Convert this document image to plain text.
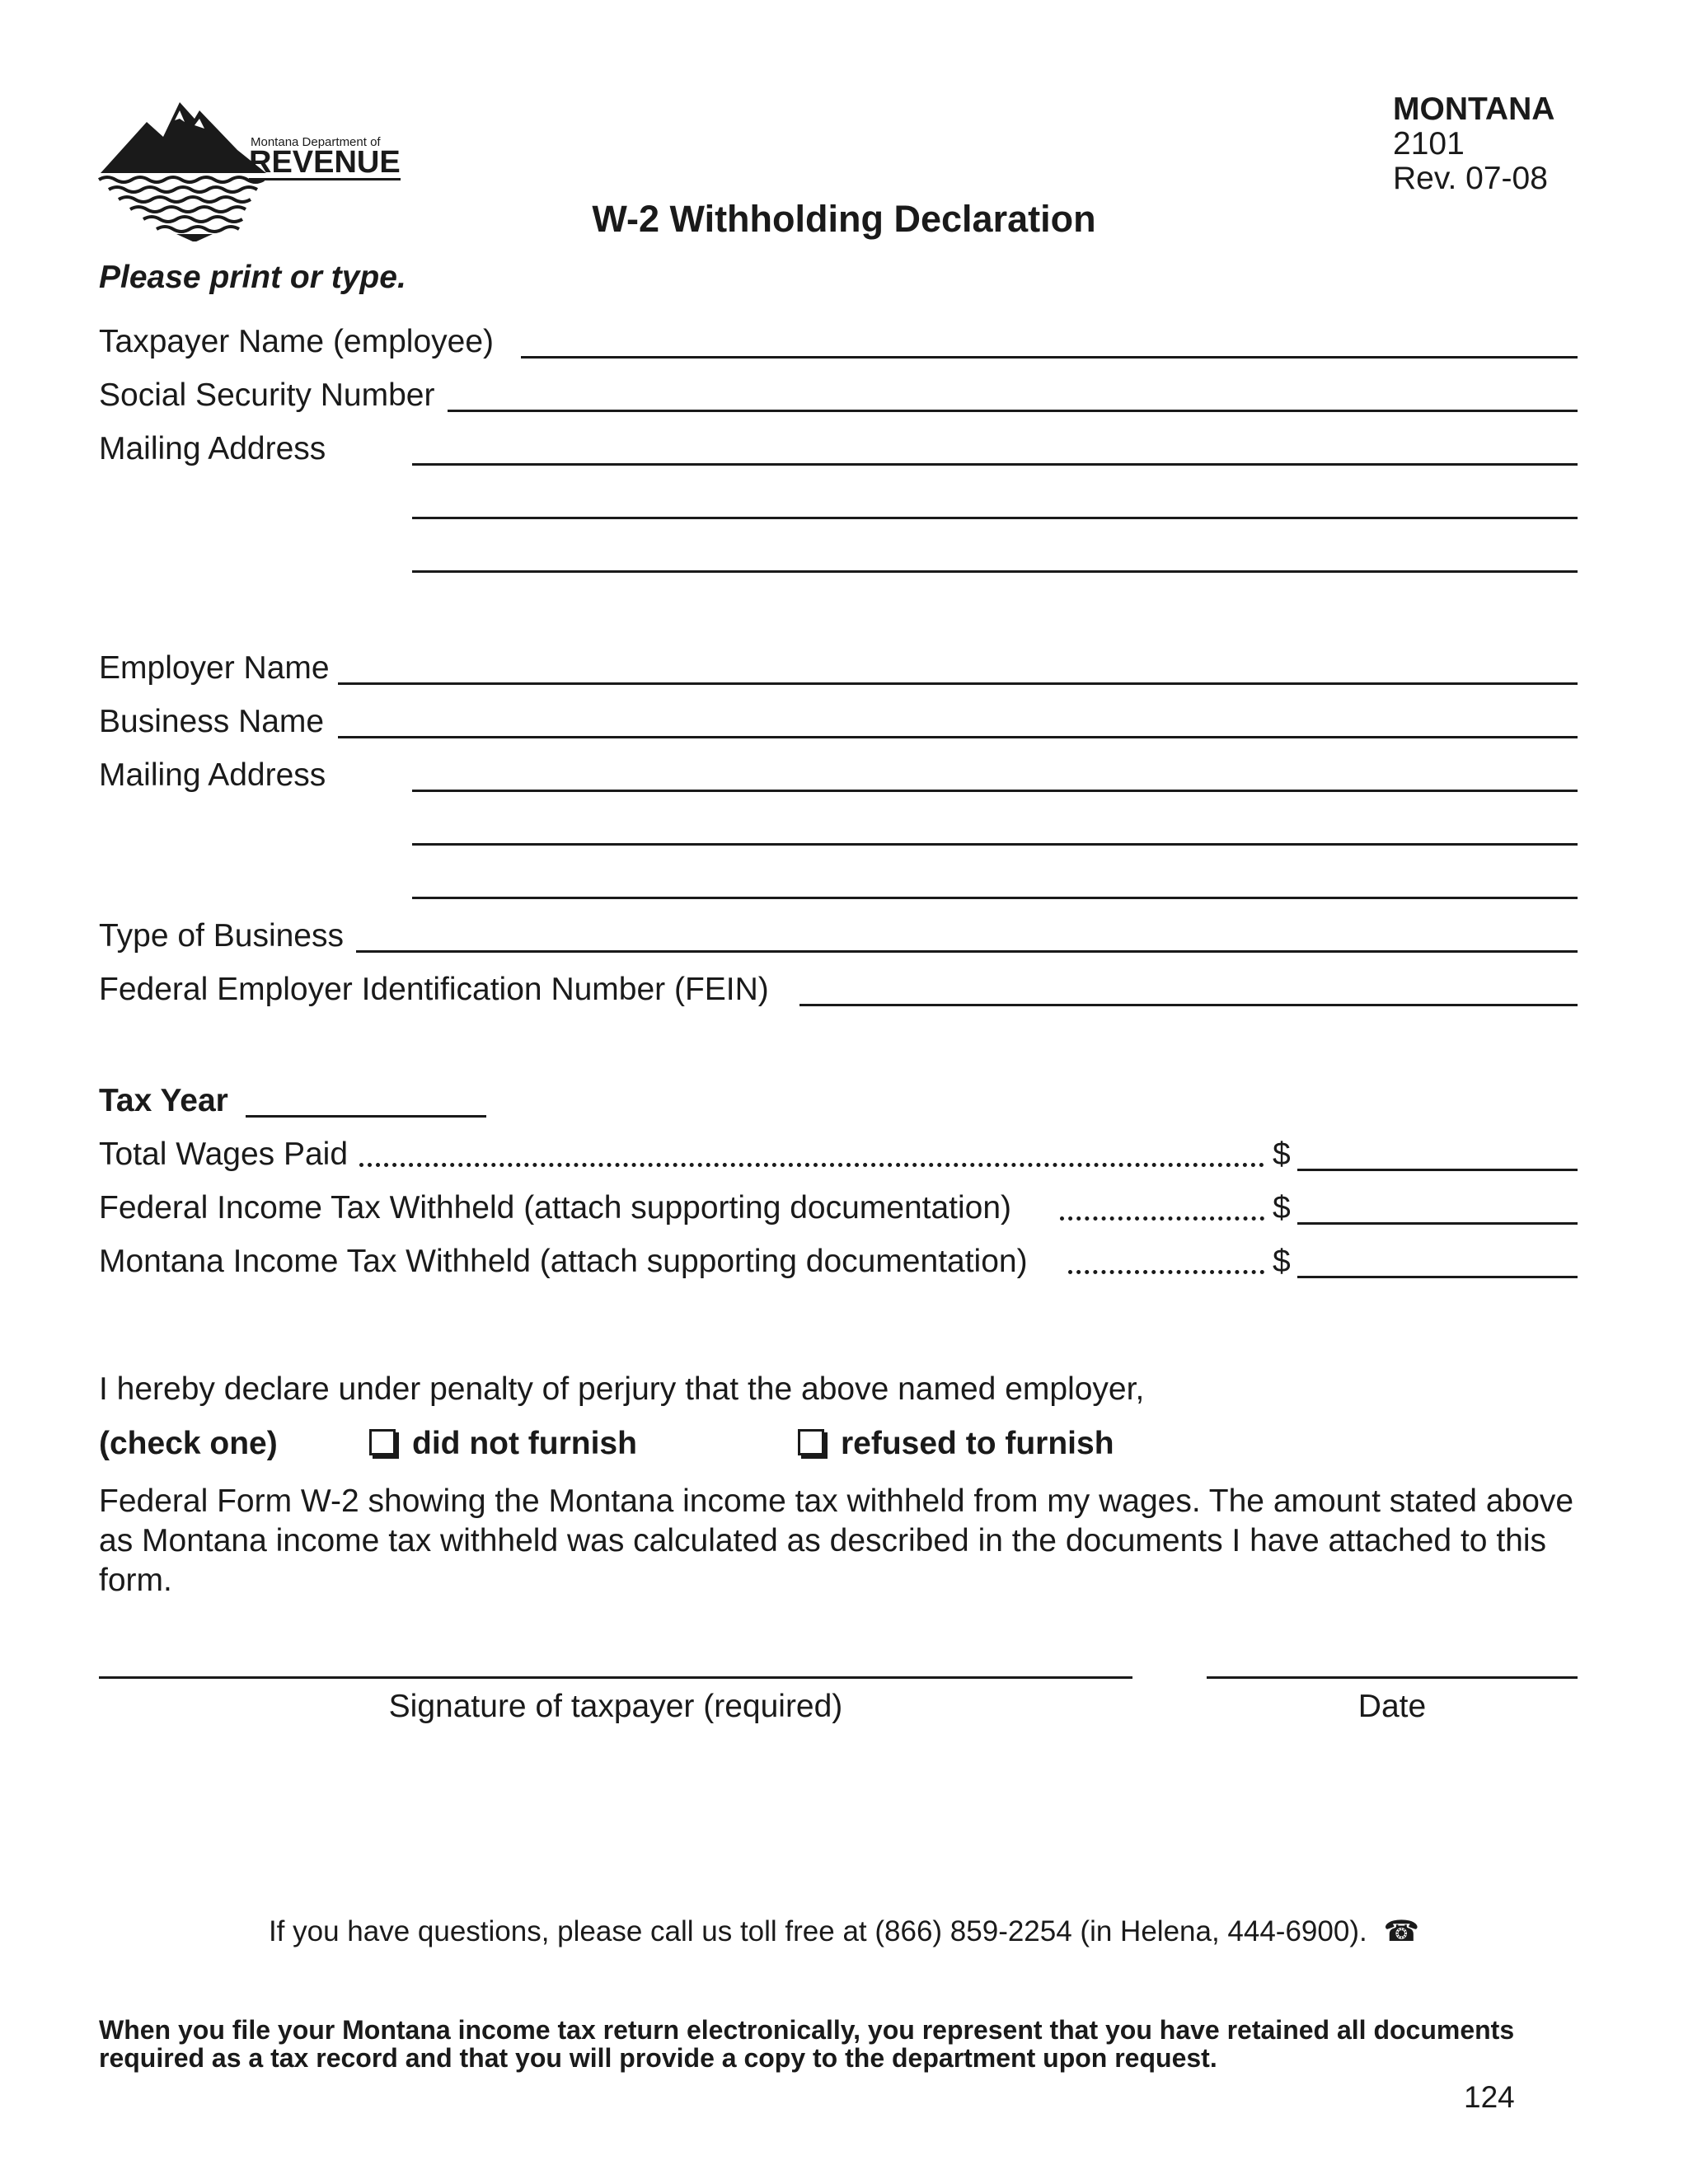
Montana Department of
REVENUE
MONTANA
2101
Rev. 07-08
W-2 Withholding Declaration
Please print or type.
Taxpayer Name (employee)
Social Security Number
Mailing Address
Employer Name
Business Name
Mailing Address
Type of Business
Federal Employer Identification Number (FEIN)
Tax Year
Total Wages Paid	$
Federal Income Tax Withheld (attach supporting documentation)	$
Montana Income Tax Withheld (attach supporting documentation)	$
I hereby declare under penalty of perjury that the above named employer,
(check one)	did not furnish	refused to furnish
Federal Form W-2 showing the Montana income tax withheld from my wages. The amount stated above as Montana income tax withheld was calculated as described in the documents I have attached to this form.
Signature of taxpayer (required)	Date
If you have questions, please call us toll free at (866) 859-2254 (in Helena, 444-6900). ☎
When you file your Montana income tax return electronically, you represent that you have retained all documents required as a tax record and that you will provide a copy to the department upon request.
124
